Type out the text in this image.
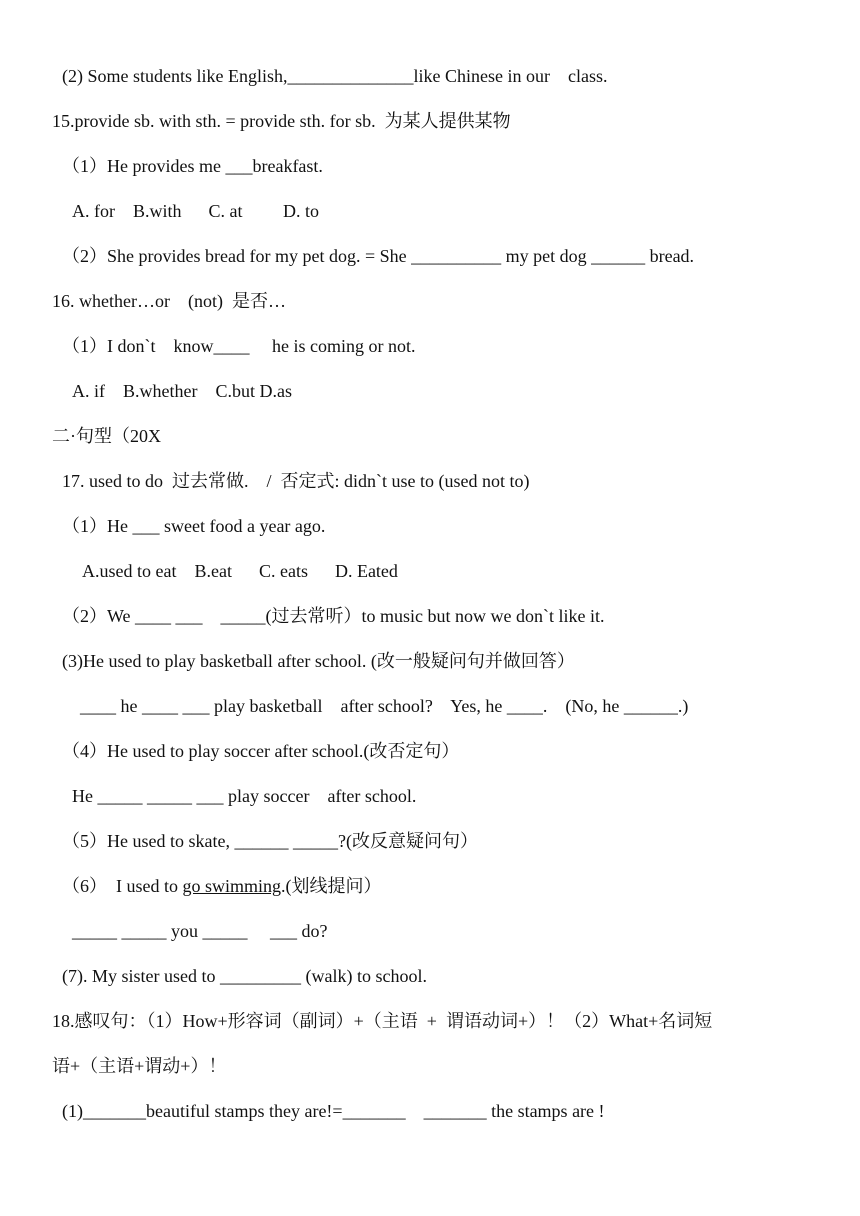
(2) Some students like English,______________like Chinese in our    class.
15.provide sb. with sth. = provide sth. for sb.  为某人提供某物
（1）He provides me ___breakfast.
A. for    B.with      C. at         D. to
（2）She provides bread for my pet dog. = She __________ my pet dog ______ bread.
16. whether…or    (not)  是否…
（1）I don`t    know____     he is coming or not.
A. if    B.whether    C.but D.as
二·句型（20X
17. used to do  过去常做.    /  否定式: didn`t use to (used not to)
（1）He ___ sweet food a year ago.
A.used to eat    B.eat      C. eats      D. Eated
（2）We ____ ___    _____(过去常听）to music but now we don`t like it.
(3)He used to play basketball after school. (改一般疑问句并做回答）
____ he ____ ___ play basketball    after school?    Yes, he ____.    (No, he ______.)
（4）He used to play soccer after school.(改否定句）
He _____ _____ ___ play soccer    after school.
（5）He used to skate, ______ _____?(改反意疑问句）
（6）  I used to go swimming.(划线提问）
_____ _____ you _____     ___ do?
(7). My sister used to _________ (walk) to school.
18.感叹句：（1）How+形容词（副词）+（主语  +  谓语动词+）！（2）What+名词短
语+（主语+谓动+）！
(1)_______beautiful stamps they are!=_______    _______ the stamps are !
